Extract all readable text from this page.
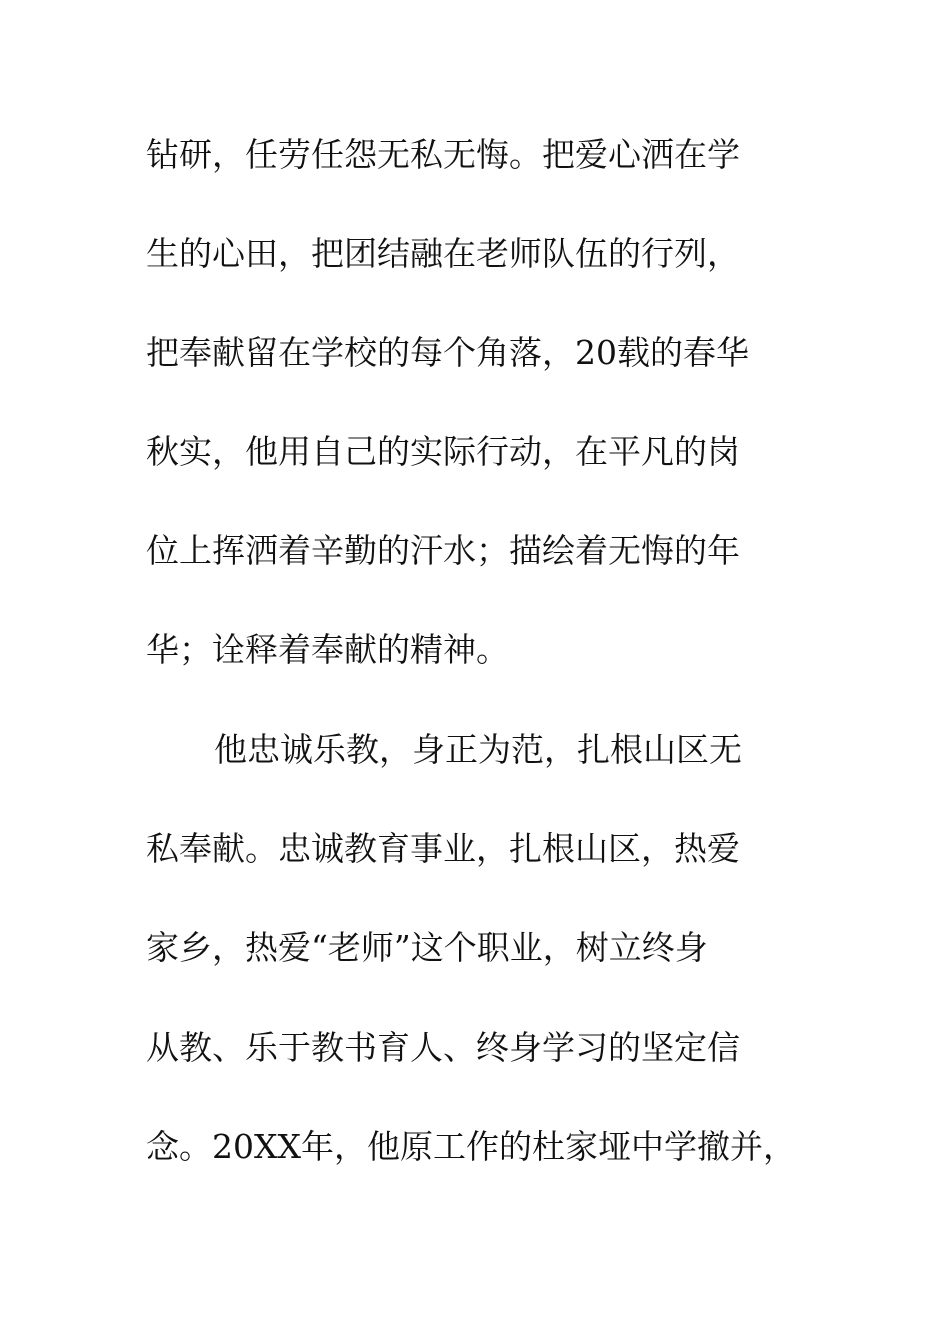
钻研，任劳任怨无私无悔。把爱心洒在学
生的心田，把团结融在老师队伍的行列，
把奉献留在学校的每个角落，20载的春华
秋实，他用自己的实际行动，在平凡的岗
位上挥洒着辛勤的汗水；描绘着无悔的年
华；诠释着奉献的精神。
他忠诚乐教，身正为范，扎根山区无
私奉献。忠诚教育事业，扎根山区，热爱
家乡，热爱“老师”这个职业，树立终身
从教、乐于教书育人、终身学习的坚定信
念。20XX年，他原工作的杜家垭中学撤并，
